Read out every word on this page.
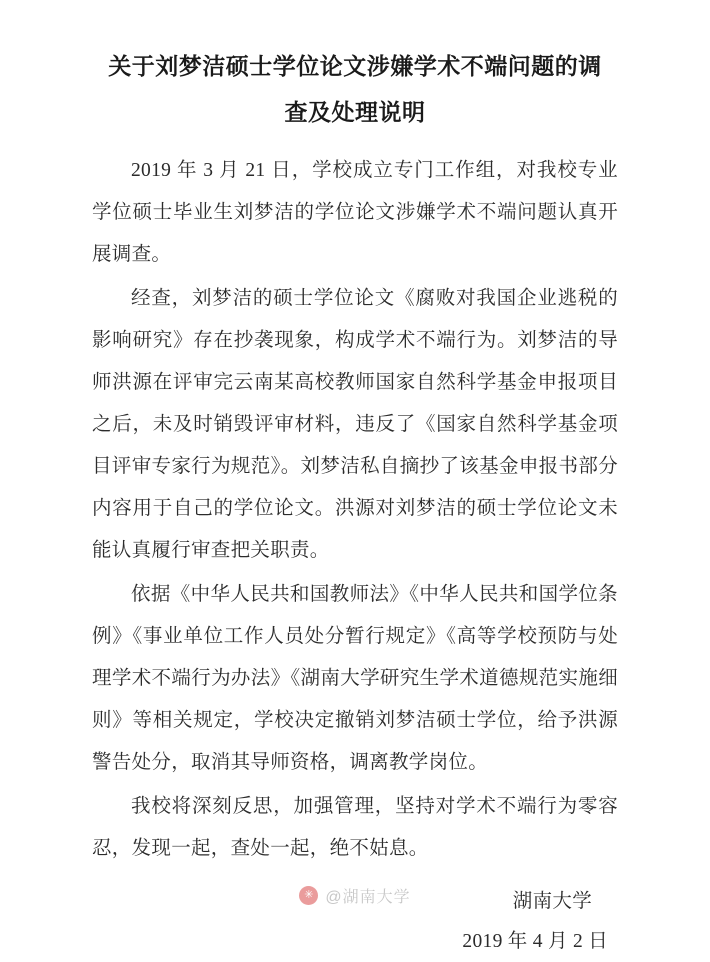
关于刘梦洁硕士学位论文涉嫌学术不端问题的调查及处理说明

2019 年 3 月 21 日，学校成立专门工作组，对我校专业学位硕士毕业生刘梦洁的学位论文涉嫌学术不端问题认真开展调查。

经查，刘梦洁的硕士学位论文《腐败对我国企业逃税的影响研究》存在抄袭现象，构成学术不端行为。刘梦洁的导师洪源在评审完云南某高校教师国家自然科学基金申报项目之后，未及时销毁评审材料，违反了《国家自然科学基金项目评审专家行为规范》。刘梦洁私自摘抄了该基金申报书部分内容用于自己的学位论文。洪源对刘梦洁的硕士学位论文未能认真履行审查把关职责。

依据《中华人民共和国教师法》《中华人民共和国学位条例》《事业单位工作人员处分暂行规定》《高等学校预防与处理学术不端行为办法》《湖南大学研究生学术道德规范实施细则》等相关规定，学校决定撤销刘梦洁硕士学位，给予洪源警告处分，取消其导师资格，调离教学岗位。

我校将深刻反思，加强管理，坚持对学术不端行为零容忍，发现一起，查处一起，绝不姑息。

湖南大学
2019 年 4 月 2 日
✳ @湖南大学
